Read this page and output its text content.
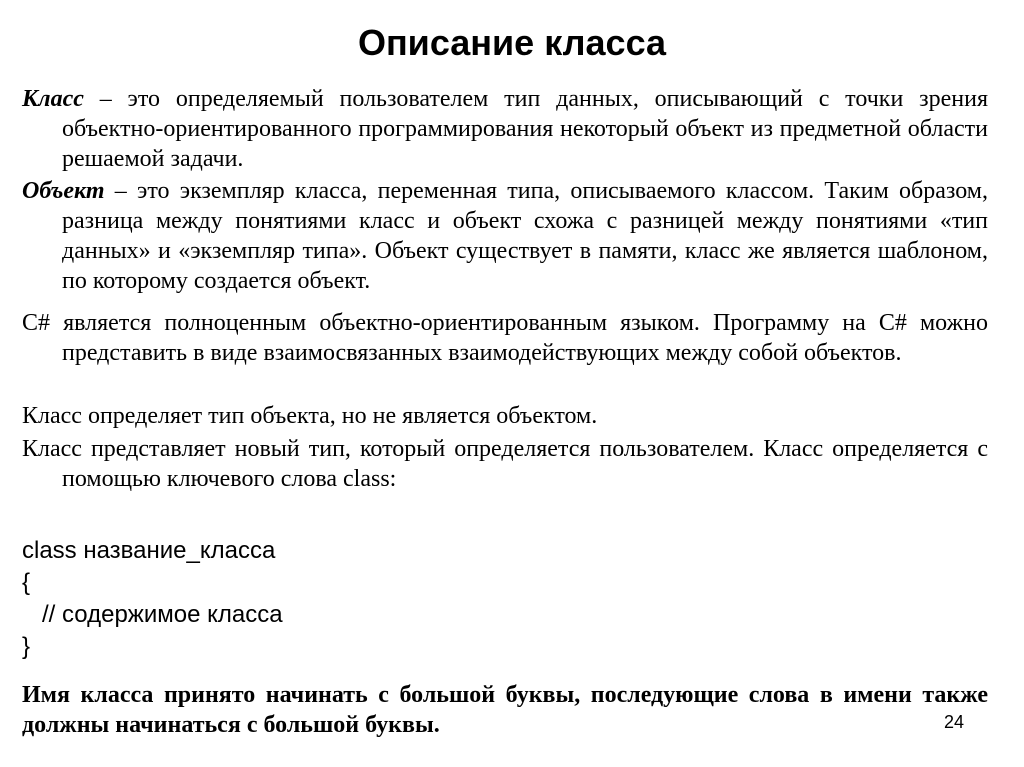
Описание класса
Класс – это определяемый пользователем тип данных, описывающий с точки зрения объектно-ориентированного программирования некоторый объект из предметной области решаемой задачи.
Объект – это экземпляр класса, переменная типа, описываемого классом. Таким образом, разница между понятиями класс и объект схожа с разницей между понятиями «тип данных» и «экземпляр типа». Объект существует в памяти, класс же является шаблоном, по которому создается объект.
C# является полноценным объектно-ориентированным языком. Программу на C# можно представить в виде взаимосвязанных взаимодействующих между собой объектов.
Класс определяет тип объекта, но не является объектом.
Класс представляет новый тип, который определяется пользователем. Класс определяется с помощью ключевого слова class:
class название_класса
{
// содержимое класса
}
Имя класса принято начинать с большой буквы, последующие слова в имени также должны начинаться с большой буквы.	24
